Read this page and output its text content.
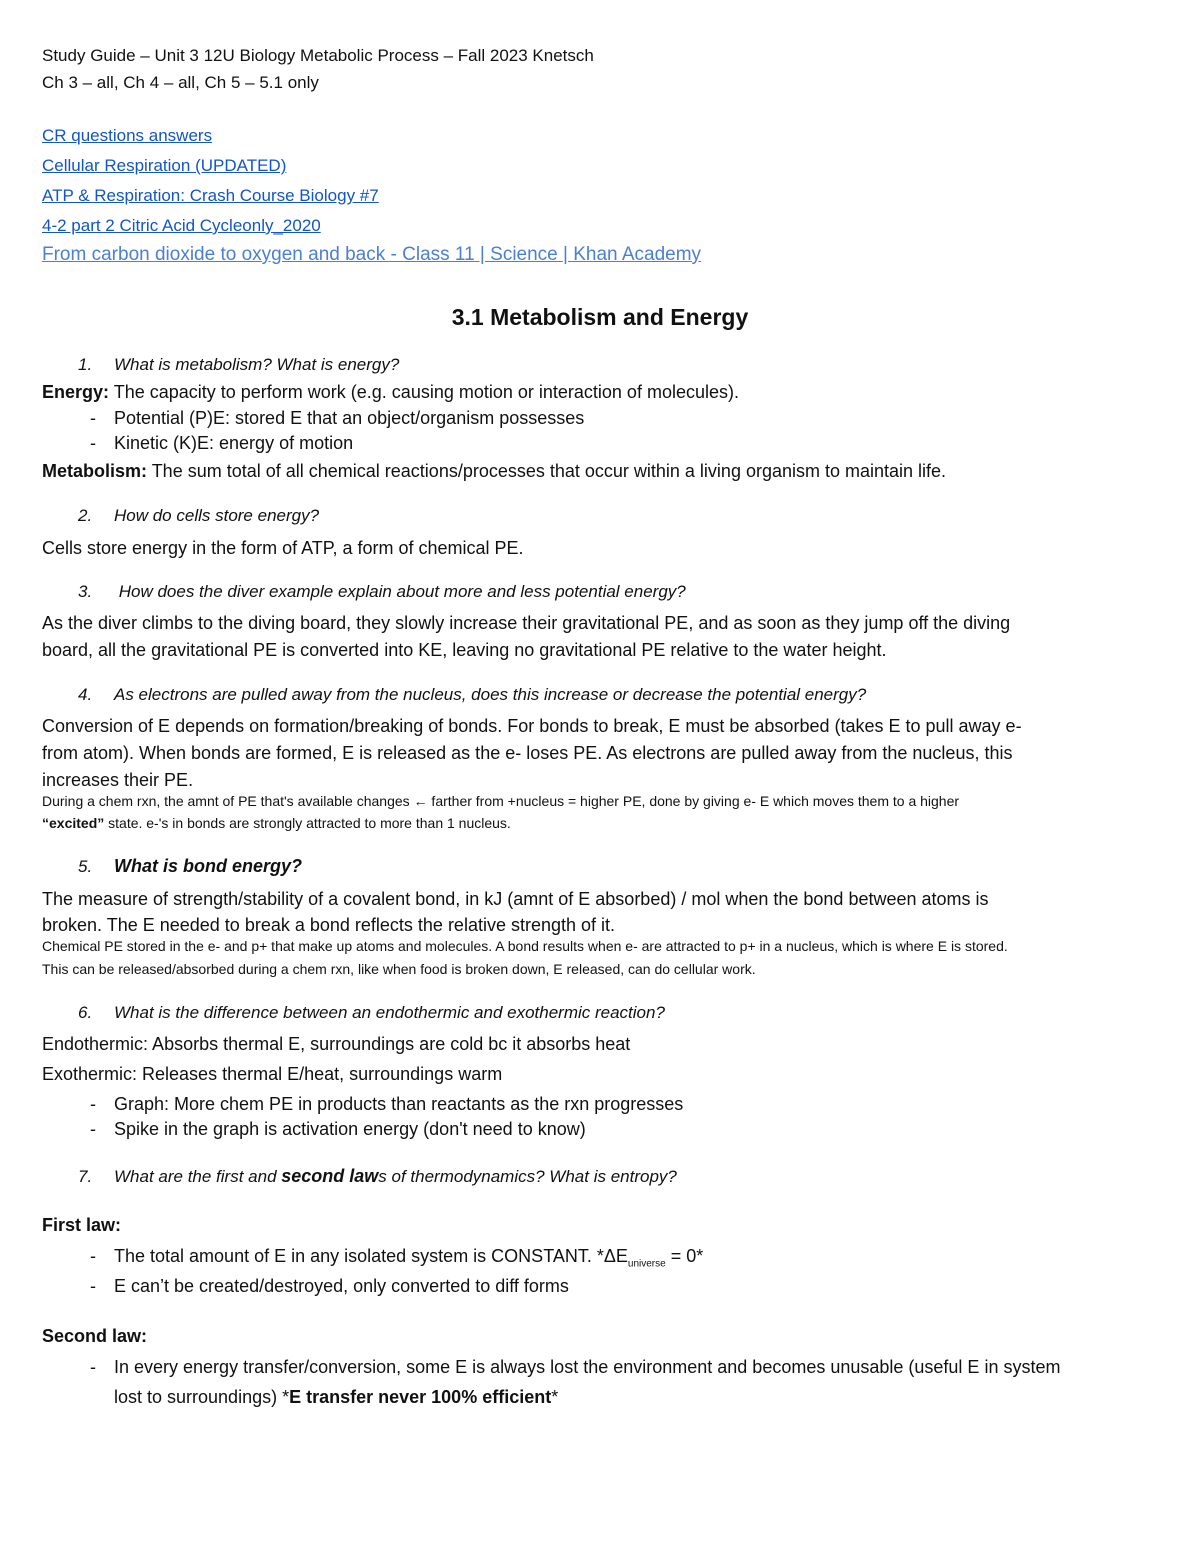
Study Guide – Unit 3 12U Biology Metabolic Process – Fall 2023 Knetsch
Ch 3 – all, Ch 4 – all, Ch 5 – 5.1 only
CR questions answers
Cellular Respiration (UPDATED)
ATP & Respiration: Crash Course Biology #7
4-2 part 2 Citric Acid Cycleonly_2020
From carbon dioxide to oxygen and back - Class 11 | Science | Khan Academy
3.1 Metabolism and Energy
1. What is metabolism? What is energy?
Energy: The capacity to perform work (e.g. causing motion or interaction of molecules).
- Potential (P)E: stored E that an object/organism possesses
- Kinetic (K)E: energy of motion
Metabolism: The sum total of all chemical reactions/processes that occur within a living organism to maintain life.
2. How do cells store energy?
Cells store energy in the form of ATP, a form of chemical PE.
3. How does the diver example explain about more and less potential energy?
As the diver climbs to the diving board, they slowly increase their gravitational PE, and as soon as they jump off the diving
board, all the gravitational PE is converted into KE, leaving no gravitational PE relative to the water height.
4. As electrons are pulled away from the nucleus, does this increase or decrease the potential energy?
Conversion of E depends on formation/breaking of bonds. For bonds to break, E must be absorbed (takes E to pull away e-
from atom). When bonds are formed, E is released as the e- loses PE. As electrons are pulled away from the nucleus, this
increases their PE.
During a chem rxn, the amnt of PE that's available changes ← farther from +nucleus = higher PE, done by giving e- E which moves them to a higher
“excited” state. e-'s in bonds are strongly attracted to more than 1 nucleus.
5. What is bond energy?
The measure of strength/stability of a covalent bond, in kJ (amnt of E absorbed) / mol when the bond between atoms is
broken. The E needed to break a bond reflects the relative strength of it.
Chemical PE stored in the e- and p+ that make up atoms and molecules. A bond results when e- are attracted to p+ in a nucleus, which is where E is stored.
This can be released/absorbed during a chem rxn, like when food is broken down, E released, can do cellular work.
6. What is the difference between an endothermic and exothermic reaction?
Endothermic: Absorbs thermal E, surroundings are cold bc it absorbs heat
Exothermic: Releases thermal E/heat, surroundings warm
- Graph: More chem PE in products than reactants as the rxn progresses
- Spike in the graph is activation energy (don't need to know)
7. What are the first and second laws of thermodynamics? What is entropy?
First law:
- The total amount of E in any isolated system is CONSTANT. $*\Delta E_{universe} = 0*$
- E can’t be created/destroyed, only converted to diff forms
Second law:
- In every energy transfer/conversion, some E is always lost the environment and becomes unusable (useful E in system
lost to surroundings) *E transfer never 100% efficient*
